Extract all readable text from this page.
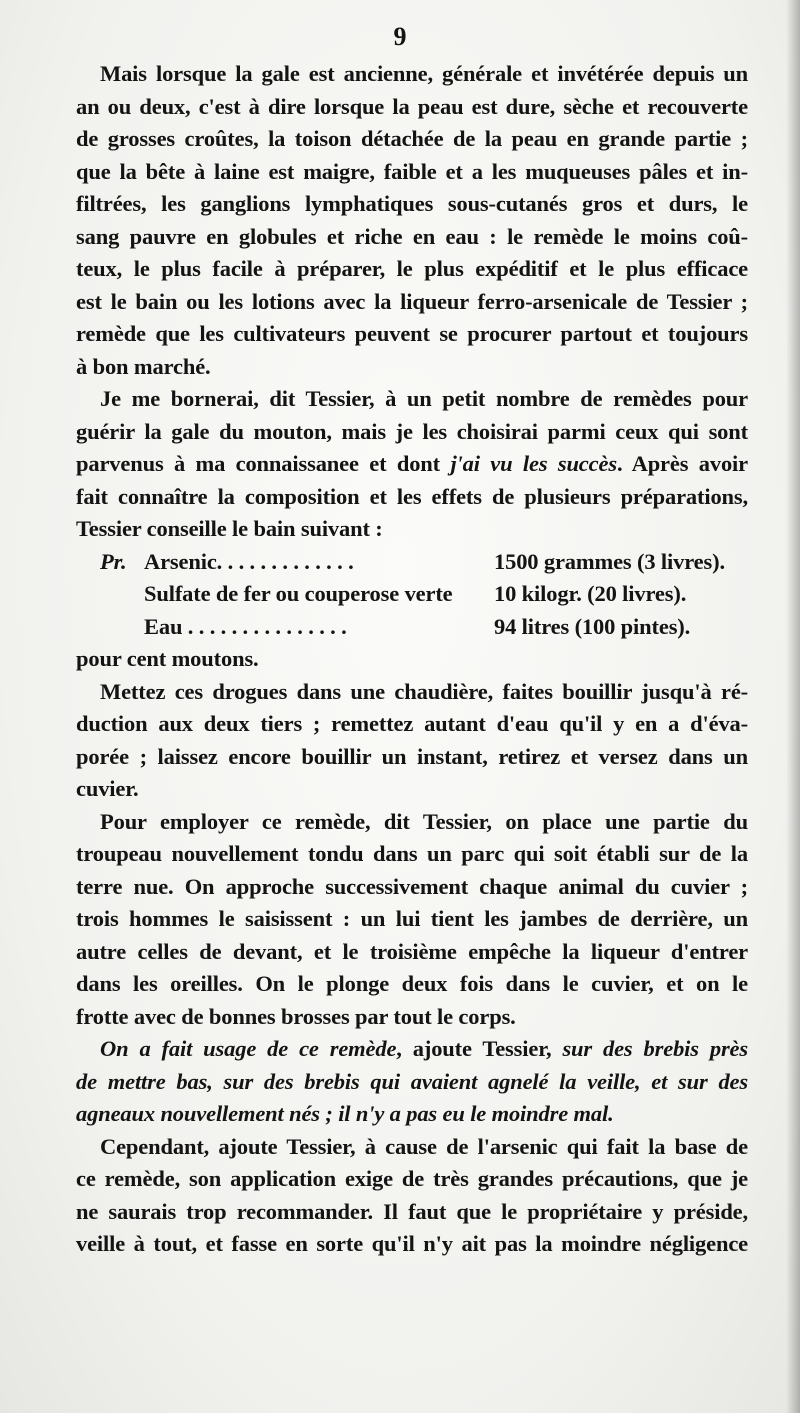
9
Mais lorsque la gale est ancienne, générale et invétérée depuis un
an ou deux, c'est à dire lorsque la peau est dure, sèche et recouverte
de grosses croûtes, la toison détachée de la peau en grande partie ;
que la bête à laine est maigre, faible et a les muqueuses pâles et in-
filtrées, les ganglions lymphatiques sous-cutanés gros et durs, le
sang pauvre en globules et riche en eau : le remède le moins coû-
teux, le plus facile à préparer, le plus expéditif et le plus efficace
est le bain ou les lotions avec la liqueur ferro-arsenicale de Tessier ;
remède que les cultivateurs peuvent se procurer partout et toujours
à bon marché.
Je me bornerai, dit Tessier, à un petit nombre de remèdes pour
guérir la gale du mouton, mais je les choisirai parmi ceux qui sont
parvenus à ma connaissanee et dont j'ai vu les succès. Après avoir
fait connaître la composition et les effets de plusieurs préparations,
Tessier conseille le bain suivant :
Pr. Arsenic. . . . . . . . . . . . .	1500 grammes (3 livres).
Sulfate de fer ou couperose verte	10 kilogr. (20 livres).
Eau . . . . . . . . . . . . . . .	94 litres (100 pintes).
pour cent moutons.
Mettez ces drogues dans une chaudière, faites bouillir jusqu'à ré-
duction aux deux tiers ; remettez autant d'eau qu'il y en a d'éva-
porée ; laissez encore bouillir un instant, retirez et versez dans un
cuvier.
Pour employer ce remède, dit Tessier, on place une partie du
troupeau nouvellement tondu dans un parc qui soit établi sur de la
terre nue. On approche successivement chaque animal du cuvier ;
trois hommes le saisissent : un lui tient les jambes de derrière, un
autre celles de devant, et le troisième empêche la liqueur d'entrer
dans les oreilles. On le plonge deux fois dans le cuvier, et on le
frotte avec de bonnes brosses par tout le corps.
On a fait usage de ce remède, ajoute Tessier, sur des brebis près
de mettre bas, sur des brebis qui avaient agnelé la veille, et sur des
agneaux nouvellement nés ; il n'y a pas eu le moindre mal.
Cependant, ajoute Tessier, à cause de l'arsenic qui fait la base de
ce remède, son application exige de très grandes précautions, que je
ne saurais trop recommander. Il faut que le propriétaire y préside,
veille à tout, et fasse en sorte qu'il n'y ait pas la moindre négligence
